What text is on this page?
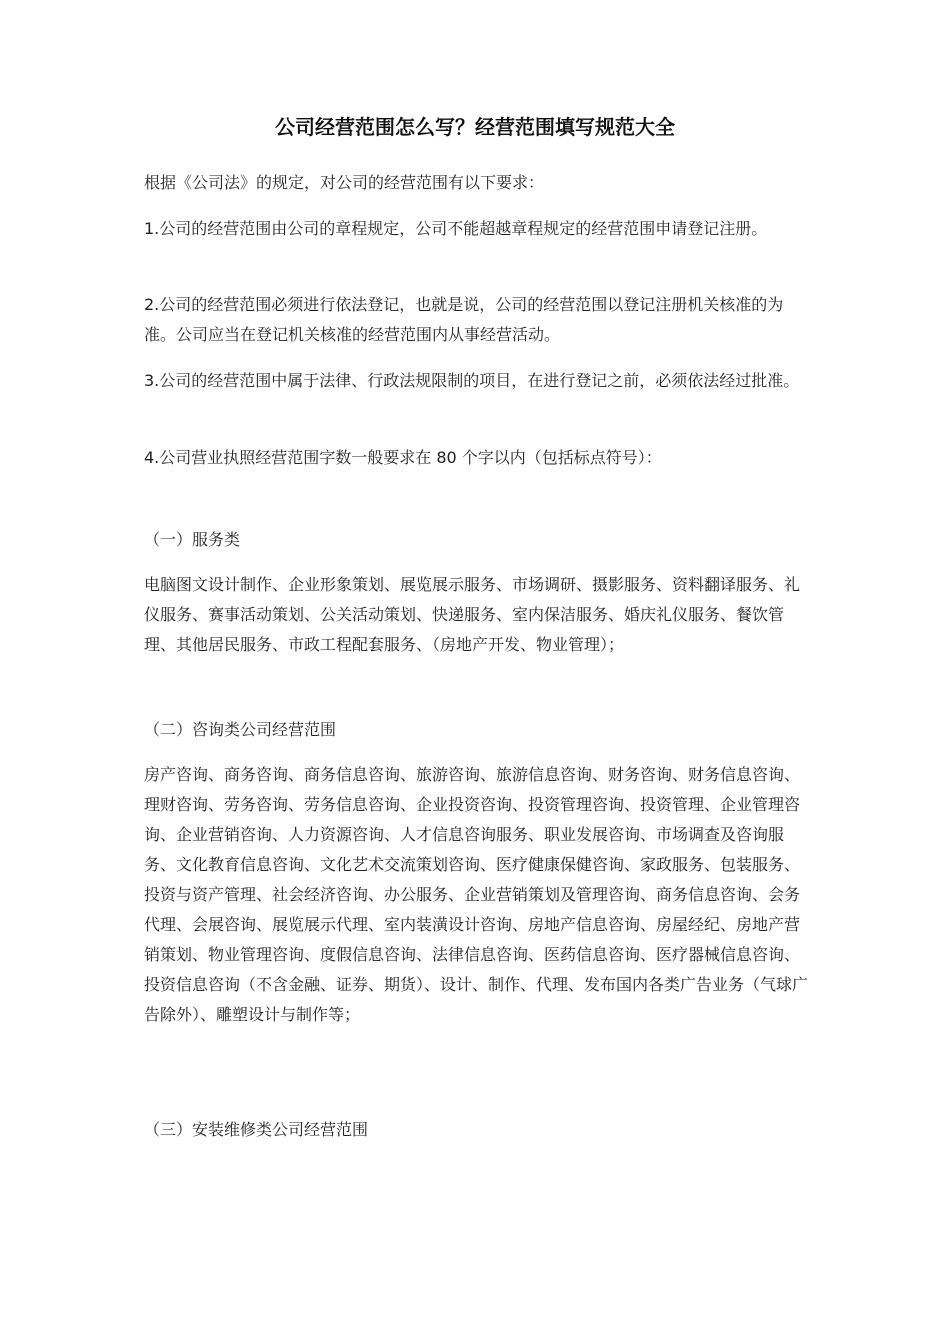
公司经营范围怎么写？经营范围填写规范大全

根据《公司法》的规定，对公司的经营范围有以下要求：

1.公司的经营范围由公司的章程规定，公司不能超越章程规定的经营范围申请登记注册。

2.公司的经营范围必须进行依法登记，也就是说，公司的经营范围以登记注册机关核准的为准。公司应当在登记机关核准的经营范围内从事经营活动。

3.公司的经营范围中属于法律、行政法规限制的项目，在进行登记之前，必须依法经过批准。

4.公司营业执照经营范围字数一般要求在 80 个字以内（包括标点符号）：

（一）服务类

电脑图文设计制作、企业形象策划、展览展示服务、市场调研、摄影服务、资料翻译服务、礼仪服务、赛事活动策划、公关活动策划、快递服务、室内保洁服务、婚庆礼仪服务、餐饮管理、其他居民服务、市政工程配套服务、（房地产开发、物业管理）；

（二）咨询类公司经营范围

房产咨询、商务咨询、商务信息咨询、旅游咨询、旅游信息咨询、财务咨询、财务信息咨询、理财咨询、劳务咨询、劳务信息咨询、企业投资咨询、投资管理咨询、投资管理、企业管理咨询、企业营销咨询、人力资源咨询、人才信息咨询服务、职业发展咨询、市场调查及咨询服务、文化教育信息咨询、文化艺术交流策划咨询、医疗健康保健咨询、家政服务、包装服务、投资与资产管理、社会经济咨询、办公服务、企业营销策划及管理咨询、商务信息咨询、会务代理、会展咨询、展览展示代理、室内装潢设计咨询、房地产信息咨询、房屋经纪、房地产营销策划、物业管理咨询、度假信息咨询、法律信息咨询、医药信息咨询、医疗器械信息咨询、投资信息咨询（不含金融、证券、期货）、设计、制作、代理、发布国内各类广告业务（气球广告除外）、雕塑设计与制作等；

（三）安装维修类公司经营范围
